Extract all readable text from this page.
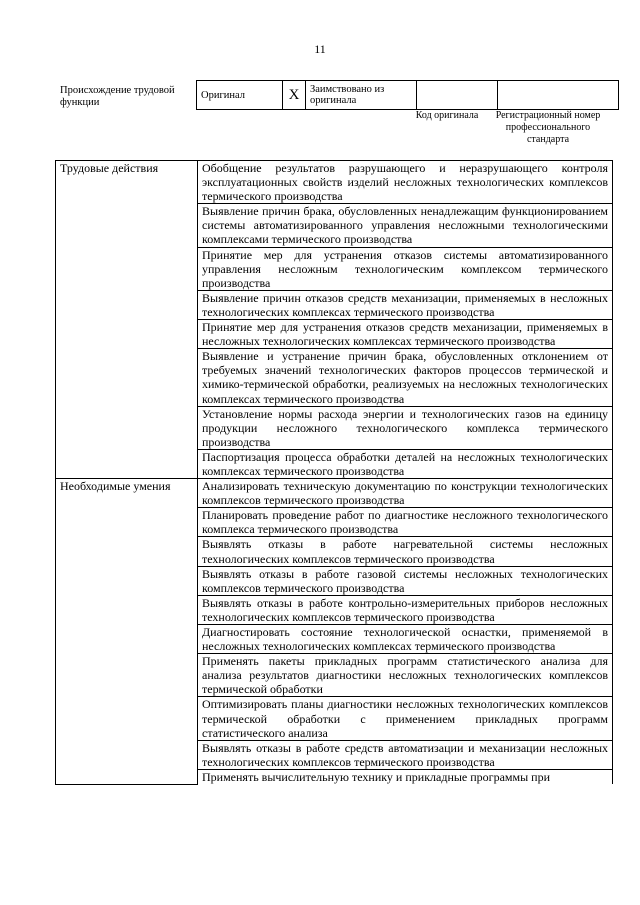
11
Происхождение трудовой функции
Оригинал	X	Заимствовано из оригинала		
Код оригинала	Регистрационный номер профессионального стандарта
Трудовые действия	Обобщение результатов разрушающего и неразрушающего контроля эксплуатационных свойств изделий несложных технологических комплексов термического производства
	Выявление причин брака, обусловленных ненадлежащим функционированием системы автоматизированного управления несложными технологическими комплексами термического производства
	Принятие мер для устранения отказов системы автоматизированного управления несложным технологическим комплексом термического производства
	Выявление причин отказов средств механизации, применяемых в несложных технологических комплексах термического производства
	Принятие мер для устранения отказов средств механизации, применяемых в несложных технологических комплексах термического производства
	Выявление и устранение причин брака, обусловленных отклонением от требуемых значений технологических факторов процессов термической и химико-термической обработки, реализуемых на несложных технологических комплексах термического производства
	Установление нормы расхода энергии и технологических газов на единицу продукции несложного технологического комплекса термического производства
	Паспортизация процесса обработки деталей на несложных технологических комплексах термического производства
Необходимые умения	Анализировать техническую документацию по конструкции технологических комплексов термического производства
	Планировать проведение работ по диагностике несложного технологического комплекса термического производства
	Выявлять отказы в работе нагревательной системы несложных технологических комплексов термического производства
	Выявлять отказы в работе газовой системы несложных технологических комплексов термического производства
	Выявлять отказы в работе контрольно-измерительных приборов несложных технологических комплексов термического производства
	Диагностировать состояние технологической оснастки, применяемой в несложных технологических комплексах термического производства
	Применять пакеты прикладных программ статистического анализа для анализа результатов диагностики несложных технологических комплексов термической обработки
	Оптимизировать планы диагностики несложных технологических комплексов термической обработки с применением прикладных программ статистического анализа
	Выявлять отказы в работе средств автоматизации и механизации несложных технологических комплексов термического производства
	Применять вычислительную технику и прикладные программы при
